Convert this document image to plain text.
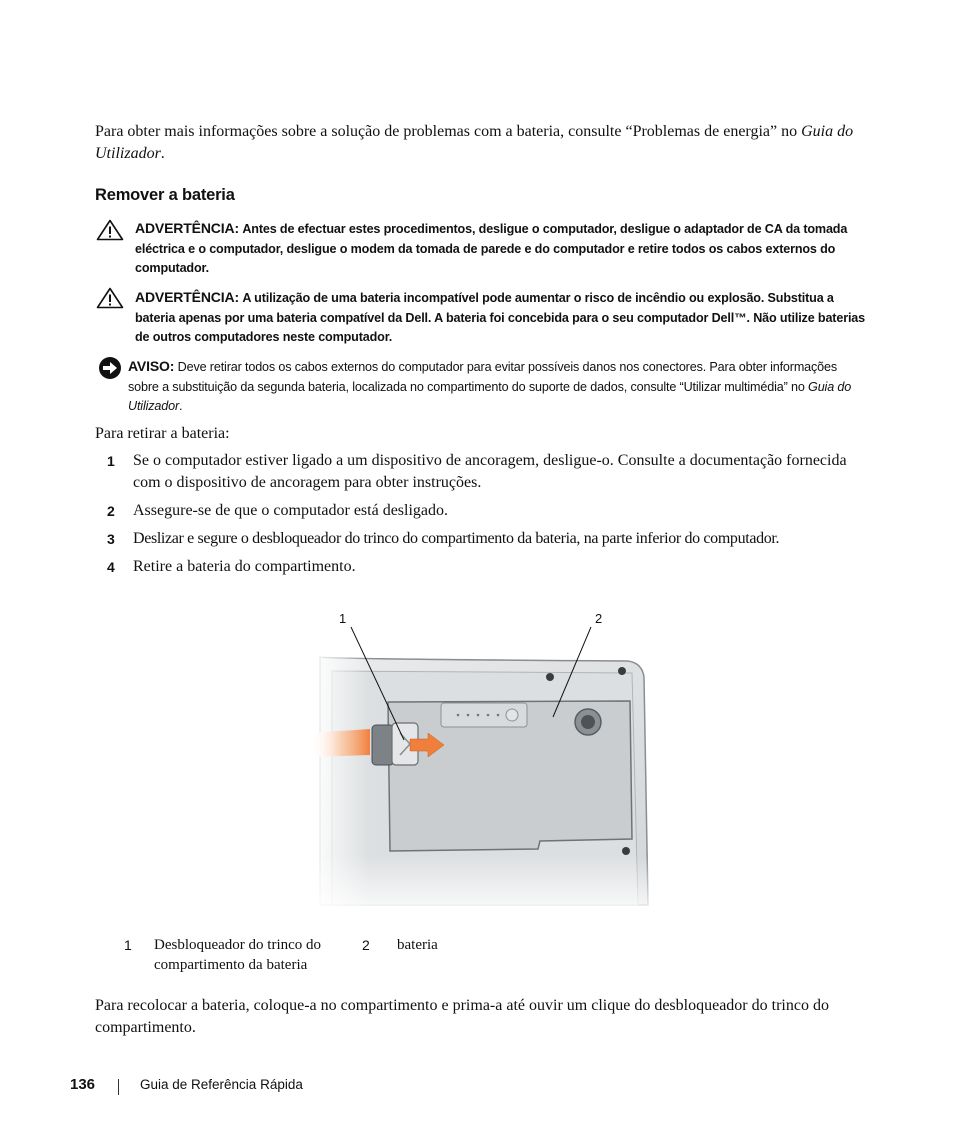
Para obter mais informações sobre a solução de problemas com a bateria, consulte “Problemas de energia” no Guia do Utilizador.
Remover a bateria
ADVERTÊNCIA: Antes de efectuar estes procedimentos, desligue o computador, desligue o adaptador de CA da tomada eléctrica e o computador, desligue o modem da tomada de parede e do computador e retire todos os cabos externos do computador.
ADVERTÊNCIA: A utilização de uma bateria incompatível pode aumentar o risco de incêndio ou explosão. Substitua a bateria apenas por uma bateria compatível da Dell. A bateria foi concebida para o seu computador Dell™. Não utilize baterias de outros computadores neste computador.
AVISO: Deve retirar todos os cabos externos do computador para evitar possíveis danos nos conectores. Para obter informações sobre a substituição da segunda bateria, localizada no compartimento do suporte de dados, consulte “Utilizar multimédia” no Guia do Utilizador.
Para retirar a bateria:
1 Se o computador estiver ligado a um dispositivo de ancoragem, desligue-o. Consulte a documentação fornecida com o dispositivo de ancoragem para obter instruções.
2 Assegure-se de que o computador está desligado.
3 Deslizar e segure o desbloqueador do trinco do compartimento da bateria, na parte inferior do computador.
4 Retire a bateria do compartimento.
1	2
1 Desbloqueador do trinco do
compartimento da bateria
2 bateria
Para recolocar a bateria, coloque-a no compartimento e prima-a até ouvir um clique do desbloqueador do trinco do compartimento.
136	Guia de Referência Rápida
